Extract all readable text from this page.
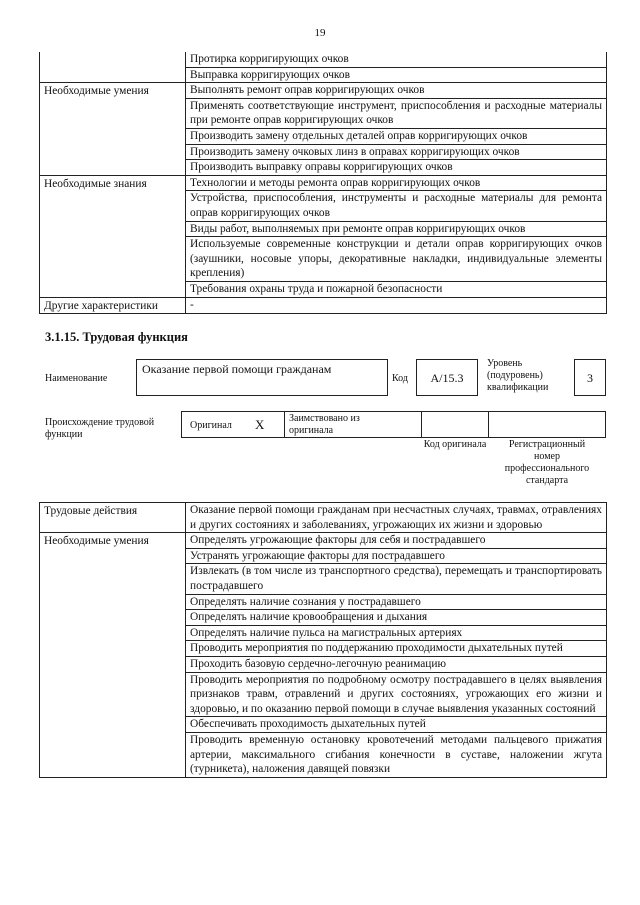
19
	Протирка корригирующих очков
	Выправка корригирующих очков
Необходимые умения	Выполнять ремонт оправ корригирующих очков
	Применять соответствующие инструмент, приспособления и расходные материалы при ремонте оправ корригирующих очков
	Производить замену отдельных деталей оправ корригирующих очков
	Производить замену очковых линз в оправах корригирующих очков
	Производить выправку оправы корригирующих очков
Необходимые знания	Технологии и методы ремонта оправ корригирующих очков
	Устройства, приспособления, инструменты и расходные материалы для ремонта оправ корригирующих очков
	Виды работ, выполняемых при ремонте оправ корригирующих очков
	Используемые современные конструкции и детали оправ корригирующих очков (заушники, носовые упоры, декоративные накладки, индивидуальные элементы крепления)
	Требования охраны труда и пожарной безопасности
Другие характеристики	-
3.1.15. Трудовая функция
Наименование
Оказание первой помощи гражданам
Код	A/15.3
Уровень (подуровень) квалификации
3
Происхождение трудовой функции
Оригинал X	Заимствовано из оригинала
Код оригинала	Регистрационный номер профессионального стандарта
Трудовые действия	Оказание первой помощи гражданам при несчастных случаях, травмах, отравлениях и других состояниях и заболеваниях, угрожающих их жизни и здоровью
Необходимые умения	Определять угрожающие факторы для себя и пострадавшего
	Устранять угрожающие факторы для пострадавшего
	Извлекать (в том числе из транспортного средства), перемещать и транспортировать пострадавшего
	Определять наличие сознания у пострадавшего
	Определять наличие кровообращения и дыхания
	Определять наличие пульса на магистральных артериях
	Проводить мероприятия по поддержанию проходимости дыхательных путей
	Проходить базовую сердечно-легочную реанимацию
	Проводить мероприятия по подробному осмотру пострадавшего в целях выявления признаков травм, отравлений и других состояниях, угрожающих его жизни и здоровью, и по оказанию первой помощи в случае выявления указанных состояний
	Обеспечивать проходимость дыхательных путей
	Проводить временную остановку кровотечений методами пальцевого прижатия артерии, максимального сгибания конечности в суставе, наложении жгута (турникета), наложения давящей повязки
